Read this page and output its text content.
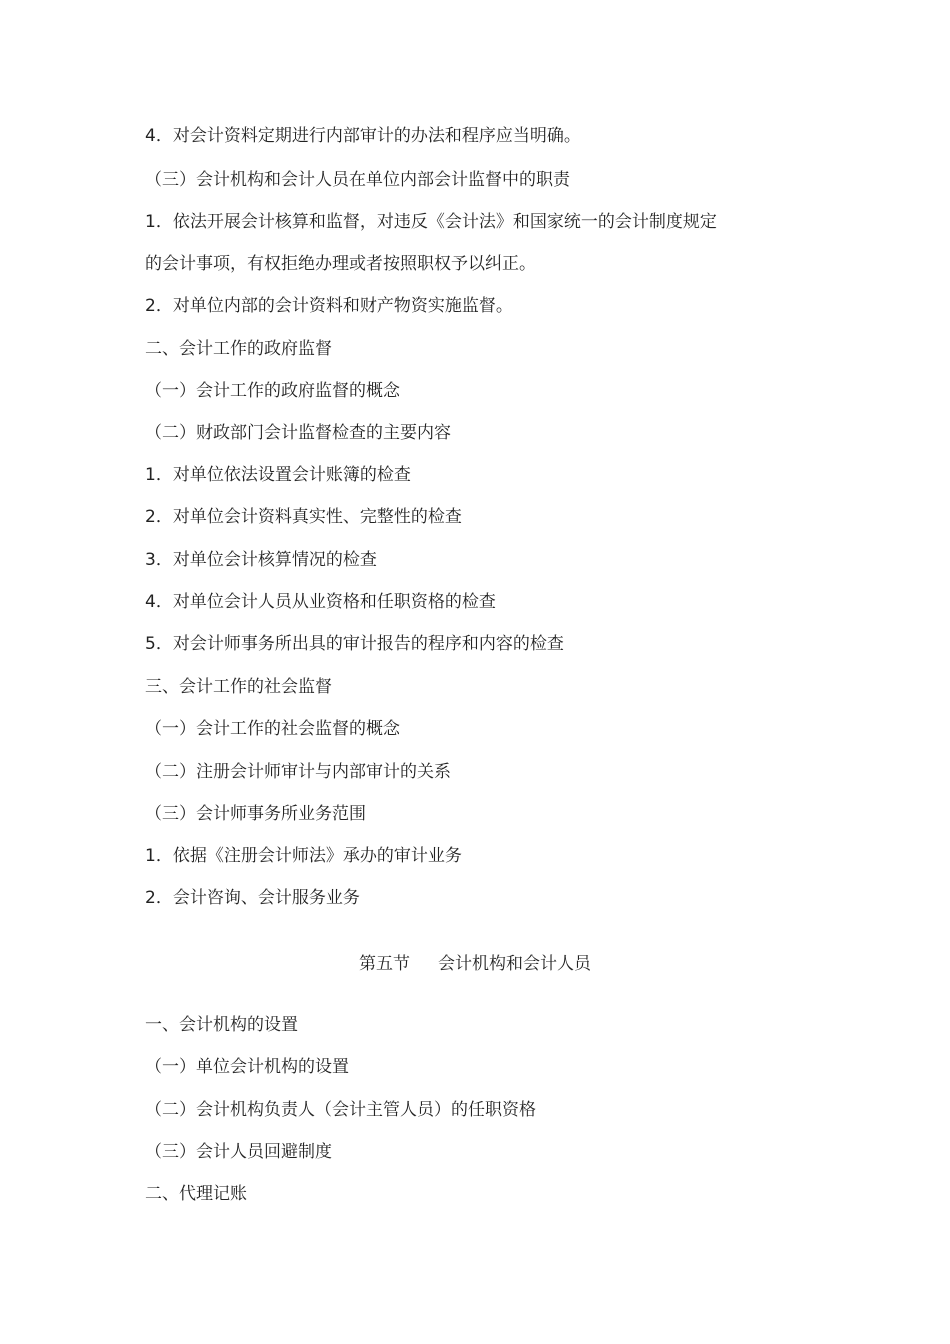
4．对会计资料定期进行内部审计的办法和程序应当明确。
（三）会计机构和会计人员在单位内部会计监督中的职责
1．依法开展会计核算和监督，对违反《会计法》和国家统一的会计制度规定
的会计事项，有权拒绝办理或者按照职权予以纠正。
2．对单位内部的会计资料和财产物资实施监督。
二、会计工作的政府监督
（一）会计工作的政府监督的概念
（二）财政部门会计监督检查的主要内容
1．对单位依法设置会计账簿的检查
2．对单位会计资料真实性、完整性的检查
3．对单位会计核算情况的检查
4．对单位会计人员从业资格和任职资格的检查
5．对会计师事务所出具的审计报告的程序和内容的检查
三、会计工作的社会监督
（一）会计工作的社会监督的概念
（二）注册会计师审计与内部审计的关系
（三）会计师事务所业务范围
1．依据《注册会计师法》承办的审计业务
2．会计咨询、会计服务业务
第五节 会计机构和会计人员
一、会计机构的设置
（一）单位会计机构的设置
（二）会计机构负责人（会计主管人员）的任职资格
（三）会计人员回避制度
二、代理记账
